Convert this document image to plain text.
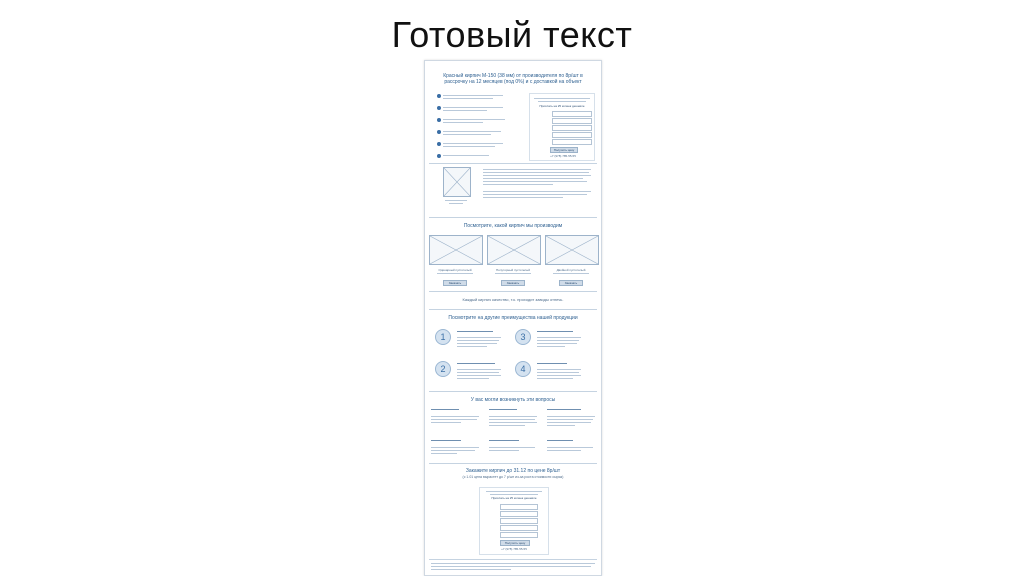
Готовый текст
Красный кирпич М-150 (38 мм) от производителя по 8р/шт в рассрочку на 12 месяцев (под 0%) и с доставкой на объект
Прислать на 25 копеек дешевле
Получить цену
+7 (978) 785-55-55
Посмотрите, какой кирпич мы производим
Одинарный пустотелый	Полуторный пустотелый	Двойной пустотелый
Заказать	Заказать	Заказать
Каждый кирпич качество, т.к. проходит заводы отпечь.
Посмотрите на другие преимущества нашей продукции
1
2
3
4
У вас могли возникнуть эти вопросы
Закажите кирпич до 31.12 по цене 8р/шт
(с 1.01 цена вырастет до 7 р/шт из-за роста стоимости сырья)
Прислать на 25 копеек дешевле
Получить цену
+7 (978) 785-55-55
